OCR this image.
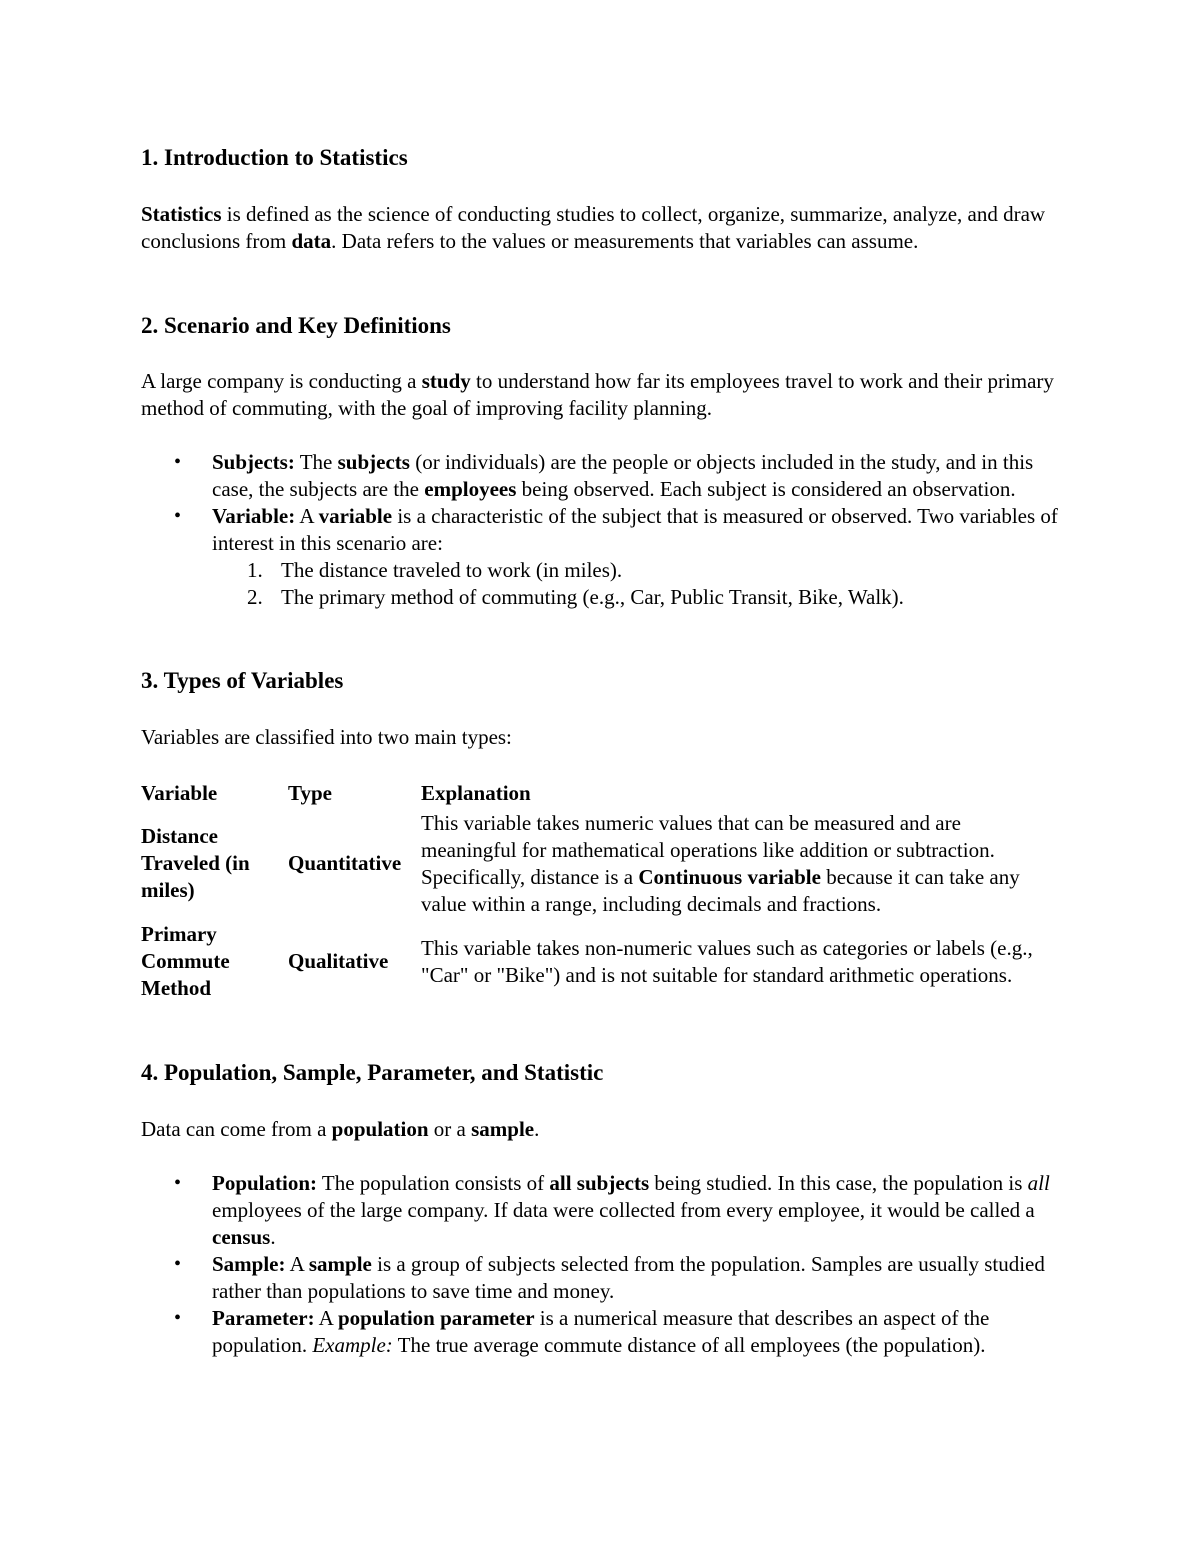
1. Introduction to Statistics

Statistics is defined as the science of conducting studies to collect, organize, summarize, analyze, and draw conclusions from data. Data refers to the values or measurements that variables can assume.

2. Scenario and Key Definitions

A large company is conducting a study to understand how far its employees travel to work and their primary method of commuting, with the goal of improving facility planning.

• Subjects: The subjects (or individuals) are the people or objects included in the study, and in this case, the subjects are the employees being observed. Each subject is considered an observation.
• Variable: A variable is a characteristic of the subject that is measured or observed. Two variables of interest in this scenario are:
1. The distance traveled to work (in miles).
2. The primary method of commuting (e.g., Car, Public Transit, Bike, Walk).
3. Types of Variables

Variables are classified into two main types:

Variable	Type	Explanation
Distance Traveled (in miles)	Quantitative	This variable takes numeric values that can be measured and are meaningful for mathematical operations like addition or subtraction. Specifically, distance is a Continuous variable because it can take any value within a range, including decimals and fractions.
Primary Commute Method	Qualitative	This variable takes non-numeric values such as categories or labels (e.g., "Car" or "Bike") and is not suitable for standard arithmetic operations.
4. Population, Sample, Parameter, and Statistic

Data can come from a population or a sample.

• Population: The population consists of all subjects being studied. In this case, the population is all employees of the large company. If data were collected from every employee, it would be called a census.
• Sample: A sample is a group of subjects selected from the population. Samples are usually studied rather than populations to save time and money.
• Parameter: A population parameter is a numerical measure that describes an aspect of the population. Example: The true average commute distance of all employees (the population).
